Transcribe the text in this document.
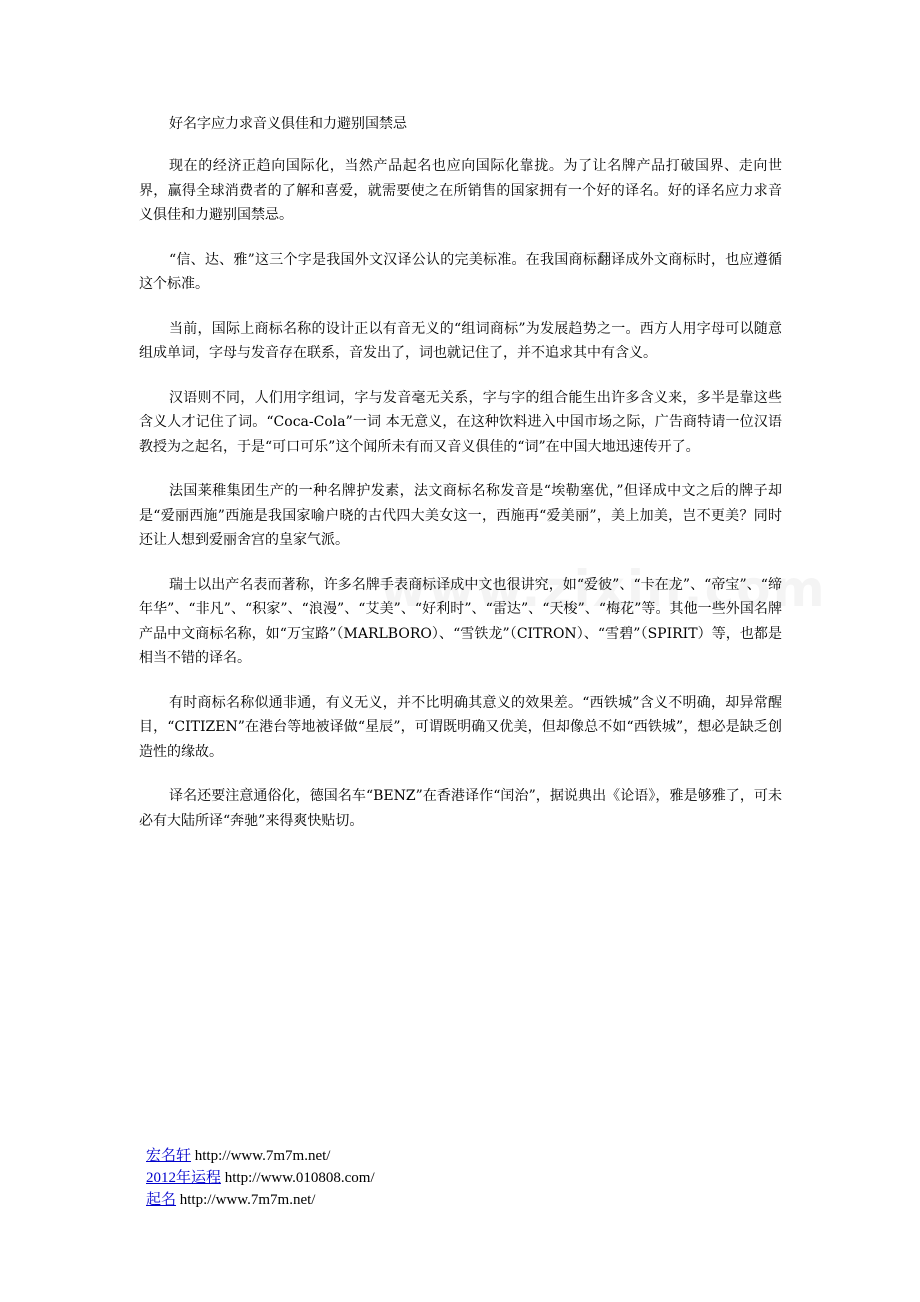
好名字应力求音义俱佳和力避别国禁忌

现在的经济正趋向国际化，当然产品起名也应向国际化靠拢。为了让名牌产品打破国界、走向世界，赢得全球消费者的了解和喜爱，就需要使之在所销售的国家拥有一个好的译名。好的译名应力求音义俱佳和力避别国禁忌。

“信、达、雅”这三个字是我国外文汉译公认的完美标准。在我国商标翻译成外文商标时，也应遵循这个标准。

当前，国际上商标名称的设计正以有音无义的“组词商标”为发展趋势之一。西方人用字母可以随意组成单词，字母与发音存在联系，音发出了，词也就记住了，并不追求其中有含义。

汉语则不同，人们用字组词，字与发音毫无关系，字与字的组合能生出许多含义来，多半是靠这些含义人才记住了词。“Coca-Cola”一词 本无意义，在这种饮料进入中国市场之际，广告商特请一位汉语教授为之起名，于是“可口可乐”这个闻所未有而又音义俱佳的“词”在中国大地迅速传开了。

法国莱稚集团生产的一种名牌护发素，法文商标名称发音是“埃勒塞优，”但译成中文之后的牌子却是“爱丽西施”西施是我国家喻户晓的古代四大美女这一，西施再“爱美丽”，美上加美，岂不更美？同时还让人想到爱丽舍宫的皇家气派。

瑞士以出产名表而著称，许多名牌手表商标译成中文也很讲究，如“爱彼”、“卡在龙”、“帝宝”、“缔年华”、“非凡”、“积家”、“浪漫”、“艾美”、“好利时”、“雷达”、“天梭”、“梅花”等。其他一些外国名牌产品中文商标名称，如“万宝路”（MARLBORO）、“雪铁龙”（CITRON）、“雪碧”（SPIRIT）等，也都是相当不错的译名。

有时商标名称似通非通，有义无义，并不比明确其意义的效果差。“西铁城”含义不明确，却异常醒目，“CITIZEN”在港台等地被译做“星辰”，可谓既明确又优美，但却像总不如“西铁城”，想必是缺乏创造性的缘故。

译名还要注意通俗化，德国名车“BENZ”在香港译作“闰治”，据说典出《论语》，雅是够雅了，可未必有大陆所译“奔驰”来得爽快贴切。

宏名轩 http://www.7m7m.net/
2012年运程 http://www.010808.com/
起名 http://www.7m7m.net/
